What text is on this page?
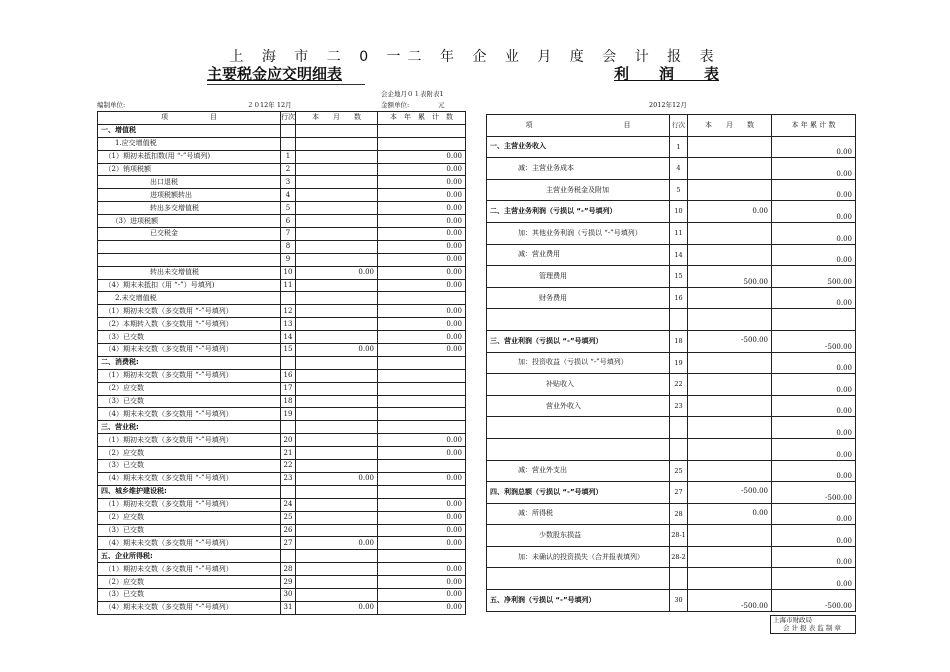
上 海 市 二 0 一二 年 企 业 月 度 会 计 报 表
主要税金应交明细表	利　　润　　表
会企地月０１表附表1
编制单位:	２０12年 12月	金额单位:	元	2012年12月
项　　　　　　目	行次	本　　月　　数	本　年　累　计　数
一、增值税			
　　1.应交增值税			
　（1）期初未抵扣数(用 “-”号填列)	1		0.00
　（2）销项税额	2		0.00
　　　　　　　出口退税	3		0.00
　　　　　　　进项税额转出	4		0.00
　　　　　　　转出多交增值税	5		0.00
　　（3）进项税额	6		0.00
　　　　　　　已交税金	7		0.00
	8		0.00
	9		0.00
　　　　　　　转出未交增值税	10	0.00	0.00
　（4）期末未抵扣（用 “-”）号填列)	11		0.00
　　2.未交增值税			
　（1）期初未交数（多交数用 “-”号填列）	12		0.00
　（2）本期转入数（多交数用 “-”号填列）	13		0.00
　（3）已交数	14		0.00
　（4）期末未交数（多交数用 “-”号填列）	15	0.00	0.00
二、消费税:			
　（1）期初未交数（多交数用 “-”号填列）	16		
　（2）应交数	17		
　（3）已交数	18		
　（4）期末未交数（多交数用 “-”号填列）	19		
三、营业税:			
　（1）期初未交数（多交数用 “-”号填列）	20		0.00
　（2）应交数	21		0.00
　（3）已交数	22		
　（4）期末未交数（多交数用 “-”号填列）	23	0.00	0.00
四、城乡维护建设税:			
　（1）期初未交数（多交数用 “-”号填列）	24		0.00
　（2）应交数	25		0.00
　（3）已交数	26		0.00
　（4）期末未交数（多交数用 “-”号填列）	27	0.00	0.00
五、企业所得税:			
　（1）期初未交数（多交数用 “-”号填列）	28		0.00
　（2）应交数	29		0.00
　（3）已交数	30		0.00
　（4）期末未交数（多交数用 “-”号填列）	31	0.00	0.00
项　　　　　　　　　　　　　目	行次	本　　月　　数	本 年 累 计 数
一、主营业务收入	1		0.00
　　　　减：主营业务成本	4		0.00
　　　　　　　　主营业务税金及附加	5		0.00
二、主营业务利润（亏损以 “-”号填列）	10	0.00	0.00
　　　　加：其他业务利润（亏损以 “-”号填列）	11		0.00
　　　　减：营业费用	14		0.00
　　　　　　　管理费用	15	500.00	500.00
　　　　　　　财务费用	16		0.00

三、营业利润（亏损以 “-”号填列）	18	-500.00	-500.00
　　　　加：投资收益（亏损以 “-”号填列）	19		0.00
　　　　　　　　补贴收入	22		0.00
　　　　　　　　营业外收入	23		0.00
			0.00
			0.00
　　　　减：营业外支出	25		0.00
四、利润总额（亏损以 “-”号填列）	27	-500.00	-500.00
　　　　减：所得税	28	0.00	0.00
　　　　　　　少数股东损益	28-1		0.00
　　　　加：未确认的投资损失（合并报表填列）	28-2		0.00
			0.00
五、净利润（亏损以 “-”号填列）	30	-500.00	-500.00
上海市财政局
会 计 报 表 监 制 章
